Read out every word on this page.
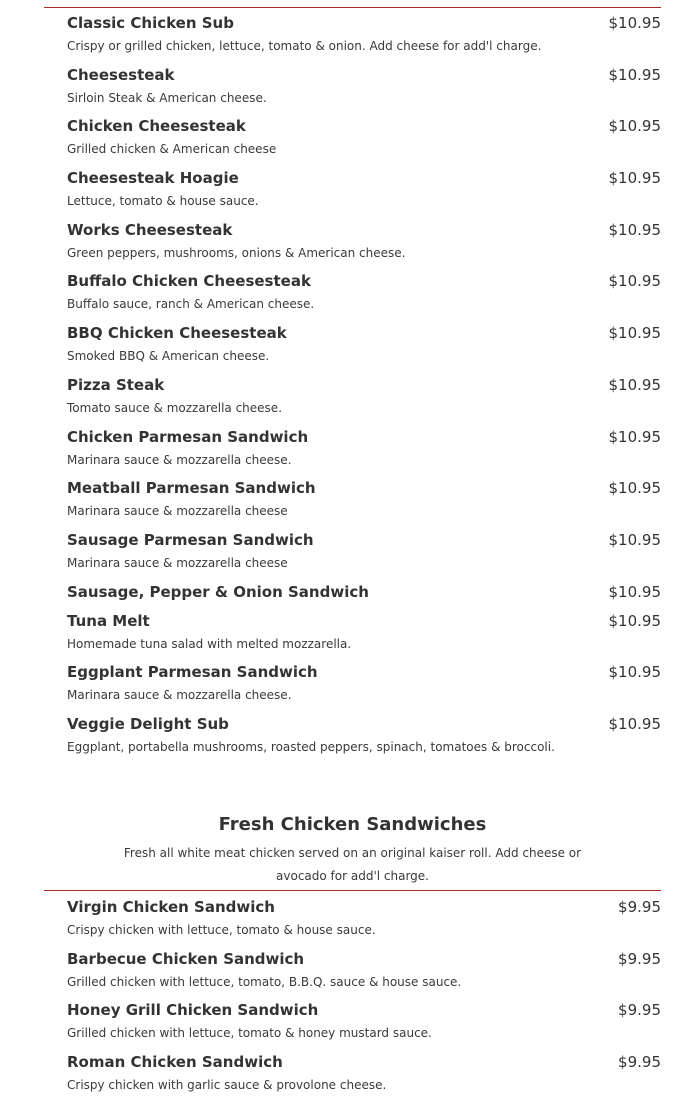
Classic Chicken Sub	$10.95
Crispy or grilled chicken, lettuce, tomato & onion. Add cheese for add'l charge.
Cheesesteak	$10.95
Sirloin Steak & American cheese.
Chicken Cheesesteak	$10.95
Grilled chicken & American cheese
Cheesesteak Hoagie	$10.95
Lettuce, tomato & house sauce.
Works Cheesesteak	$10.95
Green peppers, mushrooms, onions & American cheese.
Buffalo Chicken Cheesesteak	$10.95
Buffalo sauce, ranch & American cheese.
BBQ Chicken Cheesesteak	$10.95
Smoked BBQ & American cheese.
Pizza Steak	$10.95
Tomato sauce & mozzarella cheese.
Chicken Parmesan Sandwich	$10.95
Marinara sauce & mozzarella cheese.
Meatball Parmesan Sandwich	$10.95
Marinara sauce & mozzarella cheese
Sausage Parmesan Sandwich	$10.95
Marinara sauce & mozzarella cheese
Sausage, Pepper & Onion Sandwich	$10.95
Tuna Melt	$10.95
Homemade tuna salad with melted mozzarella.
Eggplant Parmesan Sandwich	$10.95
Marinara sauce & mozzarella cheese.
Veggie Delight Sub	$10.95
Eggplant, portabella mushrooms, roasted peppers, spinach, tomatoes & broccoli.
Fresh Chicken Sandwiches
Fresh all white meat chicken served on an original kaiser roll. Add cheese or avocado for add'l charge.
Virgin Chicken Sandwich	$9.95
Crispy chicken with lettuce, tomato & house sauce.
Barbecue Chicken Sandwich	$9.95
Grilled chicken with lettuce, tomato, B.B.Q. sauce & house sauce.
Honey Grill Chicken Sandwich	$9.95
Grilled chicken with lettuce, tomato & honey mustard sauce.
Roman Chicken Sandwich	$9.95
Crispy chicken with garlic sauce & provolone cheese.
